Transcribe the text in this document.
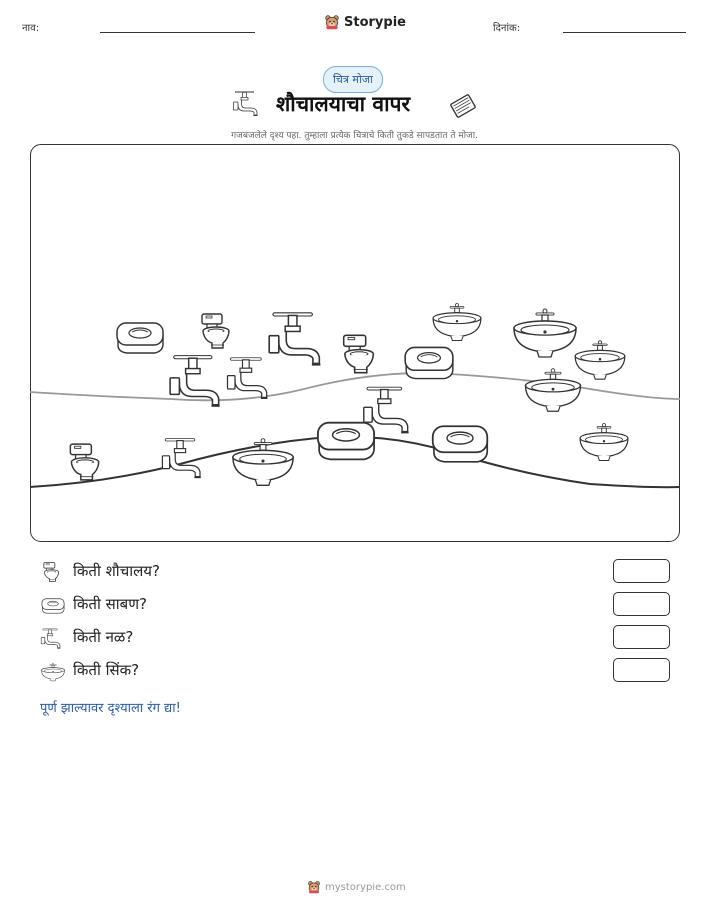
नाव:	Storypie	दिनांक:
चित्र मोजा
शौचालयाचा वापर
गजबजलेले दृश्य पहा. तुम्हाला प्रत्येक चित्राचे किती तुकडे सापडतात ते मोजा.
किती शौचालय?
किती साबण?
किती नळ?
किती सिंक?
पूर्ण झाल्यावर दृश्याला रंग द्या!
mystorypie.com
